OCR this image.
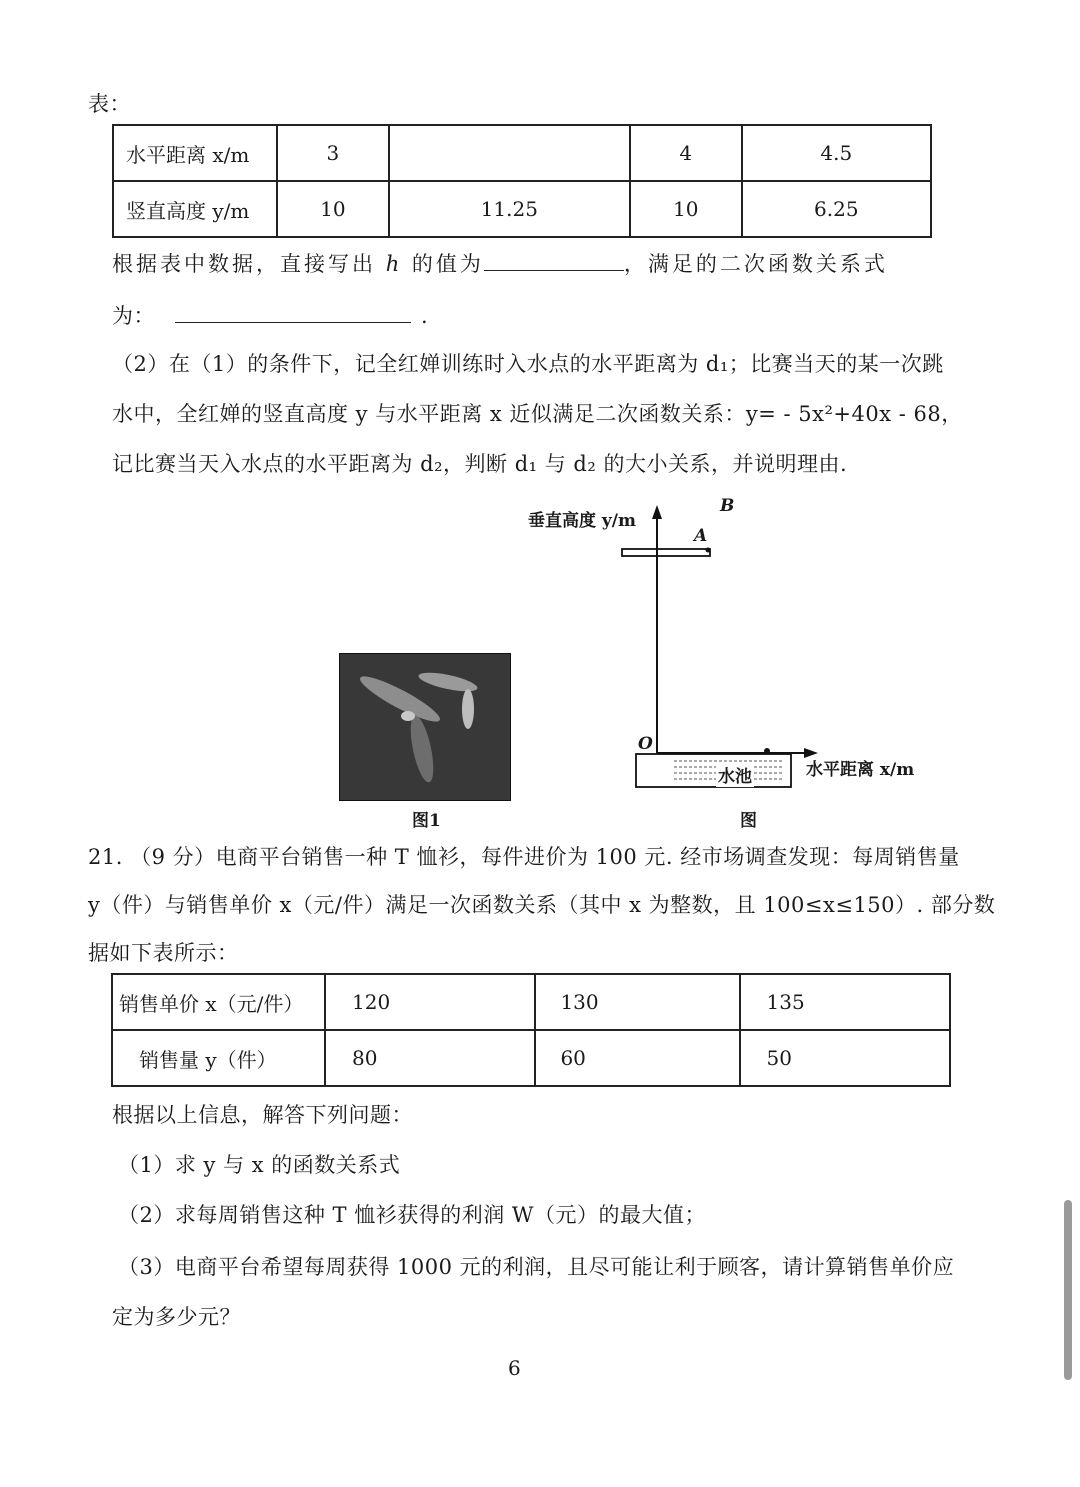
表：
水平距离 x/m	3		4	4.5
竖直高度 y/m	10	11.25	10	6.25
根据表中数据，直接写出 h 的值为	，满足的二次函数关系式
为：	.
（2）在（1）的条件下，记全红婵训练时入水点的水平距离为 d₁；比赛当天的某一次跳
水中，全红婵的竖直高度 y 与水平距离 x 近似满足二次函数关系：y= - 5x²+40x - 68，
记比赛当天入水点的水平距离为 d₂，判断 d₁ 与 d₂ 的大小关系，并说明理由.
图1
垂直高度 y/m
B
A
O
水池	水平距离 x/m
图
21. （9 分）电商平台销售一种 T 恤衫，每件进价为 100 元. 经市场调查发现：每周销售量
y（件）与销售单价 x（元/件）满足一次函数关系（其中 x 为整数，且 100≤x≤150）. 部分数
据如下表所示：
销售单价 x（元/件）	120	130	135
销售量 y（件）	80	60	50
根据以上信息，解答下列问题：
（1）求 y 与 x 的函数关系式
（2）求每周销售这种 T 恤衫获得的利润 W（元）的最大值；
（3）电商平台希望每周获得 1000 元的利润，且尽可能让利于顾客，请计算销售单价应
定为多少元？
6
